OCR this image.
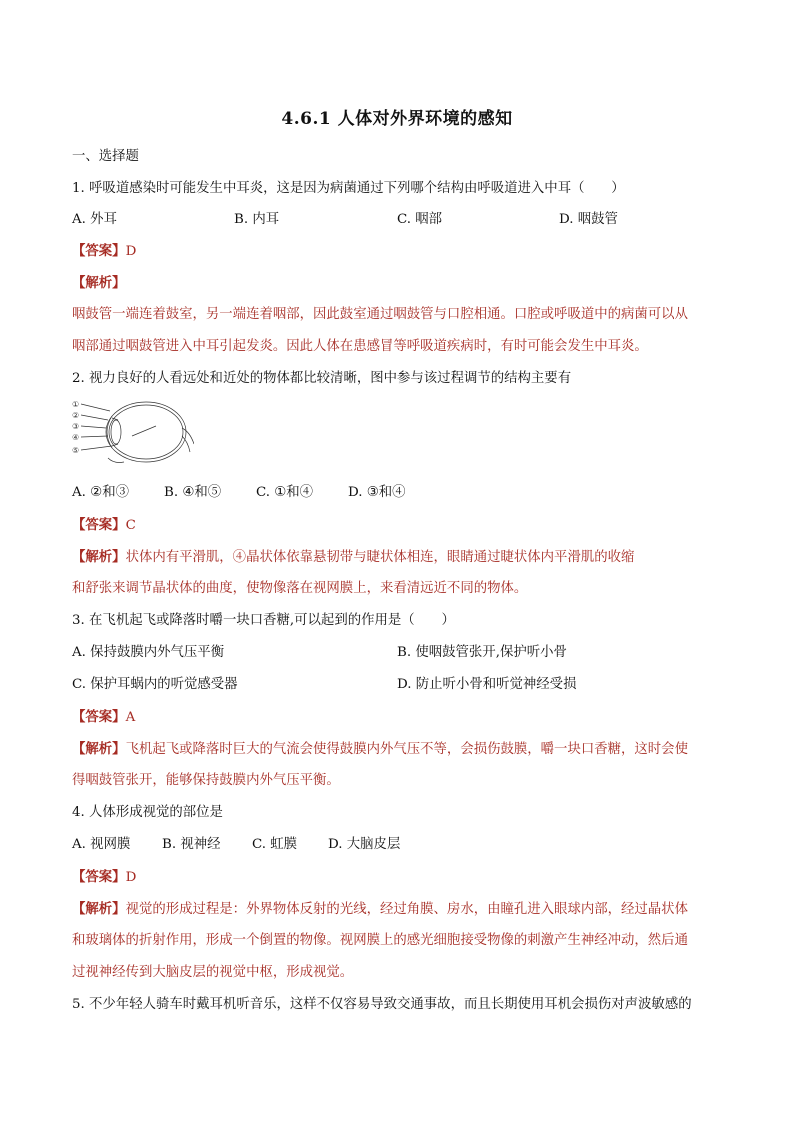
4.6.1 人体对外界环境的感知
一、选择题
1. 呼吸道感染时可能发生中耳炎，这是因为病菌通过下列哪个结构由呼吸道进入中耳（　　）
A. 外耳	B. 内耳	C. 咽部	D. 咽鼓管
【答案】D
【解析】
咽鼓管一端连着鼓室，另一端连着咽部，因此鼓室通过咽鼓管与口腔相通。口腔或呼吸道中的病菌可以从
咽部通过咽鼓管进入中耳引起发炎。因此人体在患感冒等呼吸道疾病时，有时可能会发生中耳炎。
2. 视力良好的人看远处和近处的物体都比较清晰，图中参与该过程调节的结构主要有
①
②
③
④
⑤
A. ②和③	B. ④和⑤	C. ①和④	D. ③和④
【答案】C
【解析】状体内有平滑肌，④晶状体依靠悬韧带与睫状体相连，眼睛通过睫状体内平滑肌的收缩
和舒张来调节晶状体的曲度，使物像落在视网膜上，来看清远近不同的物体。
3. 在飞机起飞或降落时嚼一块口香糖,可以起到的作用是（　　）
A. 保持鼓膜内外气压平衡	B. 使咽鼓管张开,保护听小骨
C. 保护耳蜗内的听觉感受器	D. 防止听小骨和听觉神经受损
【答案】A
【解析】飞机起飞或降落时巨大的气流会使得鼓膜内外气压不等，会损伤鼓膜，嚼一块口香糖，这时会使
得咽鼓管张开，能够保持鼓膜内外气压平衡。
4. 人体形成视觉的部位是
A. 视网膜 B. 视神经 C. 虹膜 D. 大脑皮层
【答案】D
【解析】视觉的形成过程是：外界物体反射的光线，经过角膜、房水，由瞳孔进入眼球内部，经过晶状体
和玻璃体的折射作用，形成一个倒置的物像。视网膜上的感光细胞接受物像的刺激产生神经冲动，然后通
过视神经传到大脑皮层的视觉中枢，形成视觉。
5. 不少年轻人骑车时戴耳机听音乐，这样不仅容易导致交通事故，而且长期使用耳机会损伤对声波敏感的
